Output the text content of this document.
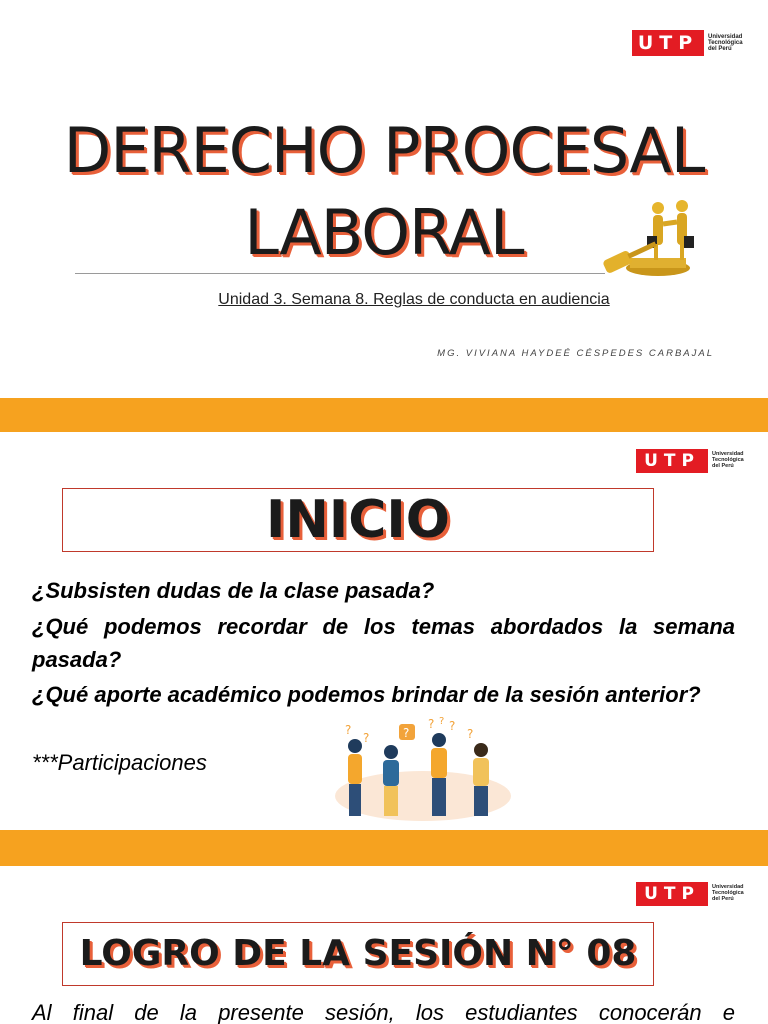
UTP	Universidad
Tecnológica
del Perú
DERECHO PROCESAL
LABORAL
Unidad 3. Semana 8. Reglas de conducta en audiencia
MG. VIVIANA HAYDEÉ CÉSPEDES CARBAJAL
UTP	Universidad
Tecnológica
del Perú
INICIO
¿Subsisten dudas de la clase pasada?
¿Qué podemos recordar de los temas abordados la semana pasada?
¿Qué aporte académico podemos brindar de la sesión anterior?
***Participaciones
?
?	?
? ? ?
?
UTP	Universidad
Tecnológica
del Perú
LOGRO DE LA SESIÓN N° 08
Al final de la presente sesión, los estudiantes conocerán e
